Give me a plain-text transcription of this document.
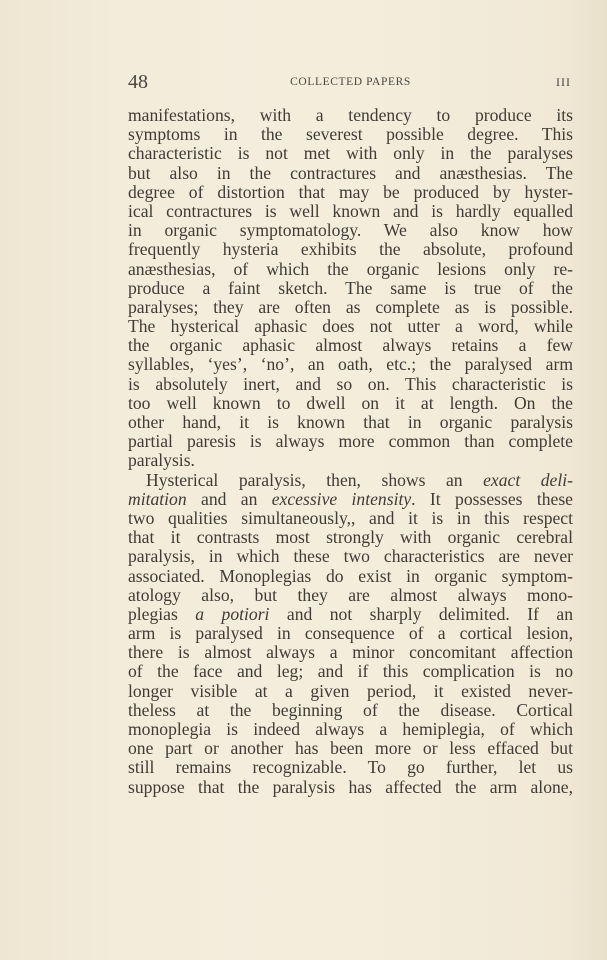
48	COLLECTED PAPERS	III
manifestations, with a tendency to produce its
symptoms in the severest possible degree. This
characteristic is not met with only in the paralyses
but also in the contractures and anæsthesias. The
degree of distortion that may be produced by hyster-
ical contractures is well known and is hardly equalled
in organic symptomatology. We also know how
frequently hysteria exhibits the absolute, profound
anæsthesias, of which the organic lesions only re-
produce a faint sketch. The same is true of the
paralyses; they are often as complete as is possible.
The hysterical aphasic does not utter a word, while
the organic aphasic almost always retains a few
syllables, ‘yes’, ‘no’, an oath, etc.; the paralysed arm
is absolutely inert, and so on. This characteristic is
too well known to dwell on it at length. On the
other hand, it is known that in organic paralysis
partial paresis is always more common than complete
paralysis.
Hysterical paralysis, then, shows an exact deli-
mitation and an excessive intensity. It possesses these
two qualities simultaneously,, and it is in this respect
that it contrasts most strongly with organic cerebral
paralysis, in which these two characteristics are never
associated. Monoplegias do exist in organic symptom-
atology also, but they are almost always mono-
plegias a potiori and not sharply delimited. If an
arm is paralysed in consequence of a cortical lesion,
there is almost always a minor concomitant affection
of the face and leg; and if this complication is no
longer visible at a given period, it existed never-
theless at the beginning of the disease. Cortical
monoplegia is indeed always a hemiplegia, of which
one part or another has been more or less effaced but
still remains recognizable. To go further, let us
suppose that the paralysis has affected the arm alone,
